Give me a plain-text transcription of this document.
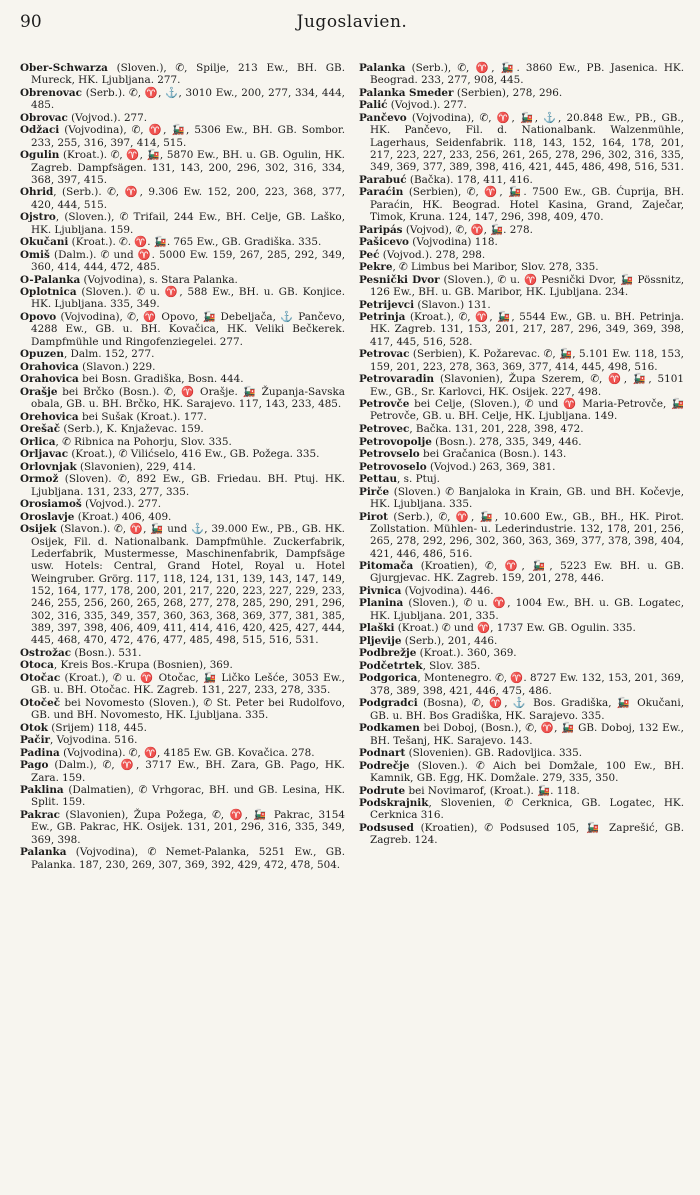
90	Jugoslavien.
Ober-Schwarza (Sloven.), ✆, Spilje, 213 Ew., BH. GB. Mureck, HK. Ljubljana. 277.
Obrenovac (Serb.). ✆, ♈, ⚓, 3010 Ew., 200, 277, 334, 444, 485.
Obrovac (Vojvod.). 277.
Odžaci (Vojvodina), ✆, ♈, 🚂, 5306 Ew., BH. GB. Sombor. 233, 255, 316, 397, 414, 515.
Ogulin (Kroat.). ✆, ♈, 🚂, 5870 Ew., BH. u. GB. Ogulin, HK. Zagreb. Dampfsägen. 131, 143, 200, 296, 302, 316, 334, 368, 397, 415.
Ohrid, (Serb.). ✆, ♈, 9.306 Ew. 152, 200, 223, 368, 377, 420, 444, 515.
Ojstro, (Sloven.), ✆ Trifail, 244 Ew., BH. Celje, GB. Laško, HK. Ljubljana. 159.
Okučani (Kroat.). ✆. ♈. 🚂. 765 Ew., GB. Gradiška. 335.
Omiš (Dalm.). ✆ und ♈. 5000 Ew. 159, 267, 285, 292, 349, 360, 414, 444, 472, 485.
O-Palanka (Vojvodina), s. Stara Palanka.
Oplotnica (Sloven.). ✆ u. ♈, 588 Ew., BH. u. GB. Konjice. HK. Ljubljana. 335, 349.
Opovo (Vojvodina), ✆, ♈ Opovo, 🚂 Debeljača, ⚓ Pančevo, 4288 Ew., GB. u. BH. Kovačica, HK. Veliki Bečkerek. Dampfmühle und Ringofenziegelei. 277.
Opuzen, Dalm. 152, 277.
Orahovica (Slavon.) 229.
Orahovica bei Bosn. Gradiška, Bosn. 444.
Orašje bei Brčko (Bosn.). ✆, ♈ Orašje. 🚂 Županja-Savska obala, GB. u. BH. Brčko, HK. Sarajevo. 117, 143, 233, 485.
Orehovica bei Sušak (Kroat.). 177.
Orešač (Serb.), K. Knjaževac. 159.
Orlica, ✆ Ribnica na Pohorju, Slov. 335.
Orljavac (Kroat.), ✆ Vilićselo, 416 Ew., GB. Požega. 335.
Orlovnjak (Slavonien), 229, 414.
Ormož (Sloven). ✆, 892 Ew., GB. Friedau. BH. Ptuj. HK. Ljubljana. 131, 233, 277, 335.
Orosiamoš (Vojvod.). 277.
Oroslavje (Kroat.) 406, 409.
Osijek (Slavon.). ✆, ♈, 🚂 und ⚓, 39.000 Ew., PB., GB. HK. Osijek, Fil. d. Nationalbank. Dampfmühle. Zuckerfabrik, Lederfabrik, Mustermesse, Maschinenfabrik, Dampfsäge usw. Hotels: Central, Grand Hotel, Royal u. Hotel Weingruber. Grörg. 117, 118, 124, 131, 139, 143, 147, 149, 152, 164, 177, 178, 200, 201, 217, 220, 223, 227, 229, 233, 246, 255, 256, 260, 265, 268, 277, 278, 285, 290, 291, 296, 302, 316, 335, 349, 357, 360, 363, 368, 369, 377, 381, 385, 389, 397, 398, 406, 409, 411, 414, 416, 420, 425, 427, 444, 445, 468, 470, 472, 476, 477, 485, 498, 515, 516, 531.
Ostrožac (Bosn.). 531.
Otoca, Kreis Bos.-Krupa (Bosnien), 369.
Otočac (Kroat.), ✆ u. ♈ Otočac, 🚂 Ličko Lešće, 3053 Ew., GB. u. BH. Otočac. HK. Zagreb. 131, 227, 233, 278, 335.
Otočeč bei Novomesto (Sloven.), ✆ St. Peter bei Rudolfovo, GB. und BH. Novomesto, HK. Ljubljana. 335.
Otok (Srijem) 118, 445.
Pačir, Vojvodina. 516.
Padina (Vojvodina). ✆, ♈, 4185 Ew. GB. Kovačica. 278.
Pago (Dalm.), ✆, ♈, 3717 Ew., BH. Zara, GB. Pago, HK. Zara. 159.
Paklina (Dalmatien), ✆ Vrhgorac, BH. und GB. Lesina, HK. Split. 159.
Pakrac (Slavonien), Župa Požega, ✆, ♈, 🚂 Pakrac, 3154 Ew., GB. Pakrac, HK. Osijek. 131, 201, 296, 316, 335, 349, 369, 398.
Palanka (Vojvodina), ✆ Nemet-Palanka, 5251 Ew., GB. Palanka. 187, 230, 269, 307, 369, 392, 429, 472, 478, 504.
Palanka (Serb.), ✆, ♈, 🚂. 3860 Ew., PB. Jasenica. HK. Beograd. 233, 277, 908, 445.
Palanka Smeder (Serbien), 278, 296.
Palić (Vojvod.). 277.
Pančevo (Vojvodina), ✆, ♈, 🚂, ⚓, 20.848 Ew., PB., GB., HK. Pančevo, Fil. d. Nationalbank. Walzenmühle, Lagerhaus, Seidenfabrik. 118, 143, 152, 164, 178, 201, 217, 223, 227, 233, 256, 261, 265, 278, 296, 302, 316, 335, 349, 369, 377, 389, 398, 416, 421, 445, 486, 498, 516, 531.
Parabuć (Bačka). 178, 411, 416.
Paraćin (Serbien), ✆, ♈, 🚂. 7500 Ew., GB. Ćuprija, BH. Paraćin, HK. Beograd. Hotel Kasina, Grand, Zaječar, Timok, Kruna. 124, 147, 296, 398, 409, 470.
Paripás (Vojvod), ✆, ♈, 🚂. 278.
Pašicevo (Vojvodina) 118.
Peć (Vojvod.). 278, 298.
Pekre, ✆ Limbus bei Maribor, Slov. 278, 335.
Pesnički Dvor (Sloven.), ✆ u. ♈ Pesnički Dvor, 🚂 Pössnitz, 126 Ew., BH. u. GB. Maribor, HK. Ljubljana. 234.
Petrijevci (Slavon.) 131.
Petrinja (Kroat.), ✆, ♈, 🚂, 5544 Ew., GB. u. BH. Petrinja. HK. Zagreb. 131, 153, 201, 217, 287, 296, 349, 369, 398, 417, 445, 516, 528.
Petrovac (Serbien), K. Požarevac. ✆, 🚂, 5.101 Ew. 118, 153, 159, 201, 223, 278, 363, 369, 377, 414, 445, 498, 516.
Petrovaradin (Slavonien), Župa Szerem, ✆, ♈, 🚂, 5101 Ew., GB., Sr. Karlovci, HK. Osijek. 227, 498.
Petrovče bei Celje, (Sloven.), ✆ und ♈ Maria-Petrovče, 🚂 Petrovče, GB. u. BH. Celje, HK. Ljubljana. 149.
Petrovec, Bačka. 131, 201, 228, 398, 472.
Petrovopolje (Bosn.). 278, 335, 349, 446.
Petrovselo bei Gračanica (Bosn.). 143.
Petrovoselo (Vojvod.) 263, 369, 381.
Pettau, s. Ptuj.
Pirče (Sloven.) ✆ Banjaloka in Krain, GB. und BH. Kočevje, HK. Ljubljana. 335.
Pirot (Serb.), ✆, ♈, 🚂, 10.600 Ew., GB., BH., HK. Pirot. Zollstation. Mühlen- u. Lederindustrie. 132, 178, 201, 256, 265, 278, 292, 296, 302, 360, 363, 369, 377, 378, 398, 404, 421, 446, 486, 516.
Pitomača (Kroatien), ✆, ♈, 🚂, 5223 Ew. BH. u. GB. Gjurgjevac. HK. Zagreb. 159, 201, 278, 446.
Pivnica (Vojvodina). 446.
Planina (Sloven.), ✆ u. ♈, 1004 Ew., BH. u. GB. Logatec, HK. Ljubljana. 201, 335.
Plaški (Kroat.) ✆ und ♈, 1737 Ew. GB. Ogulin. 335.
Pljevije (Serb.), 201, 446.
Podbrežje (Kroat.). 360, 369.
Podčetrtek, Slov. 385.
Podgorica, Montenegro. ✆, ♈. 8727 Ew. 132, 153, 201, 369, 378, 389, 398, 421, 446, 475, 486.
Podgradci (Bosna), ✆, ♈, ⚓ Bos. Gradiška, 🚂 Okučani, GB. u. BH. Bos Gradiška, HK. Sarajevo. 335.
Podkamen bei Doboj, (Bosn.), ✆, ♈, 🚂 GB. Doboj, 132 Ew., BH. Tešanj, HK. Sarajevo. 143.
Podnart (Slovenien). GB. Radovljica. 335.
Podrečje (Sloven.). ✆ Aich bei Domžale, 100 Ew., BH. Kamnik, GB. Egg, HK. Domžale. 279, 335, 350.
Podrute bei Novimarof, (Kroat.). 🚂. 118.
Podskrajnik, Slovenien, ✆ Cerknica, GB. Logatec, HK. Cerknica 316.
Podsused (Kroatien), ✆ Podsused 105, 🚂 Zaprešić, GB. Zagreb. 124.
